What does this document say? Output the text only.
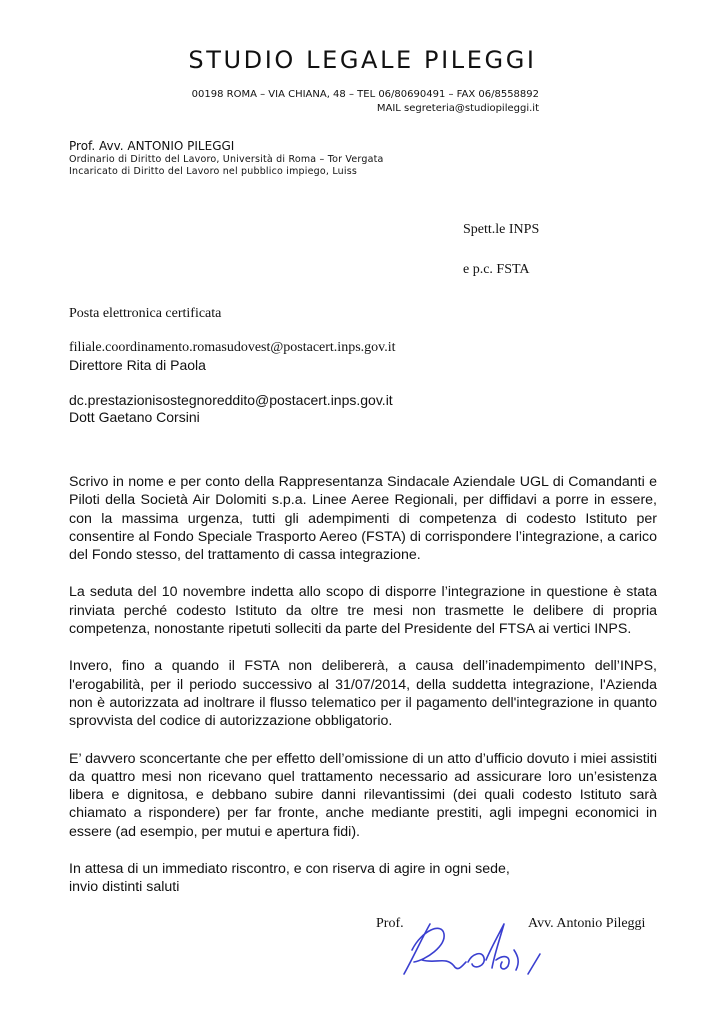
STUDIO LEGALE PILEGGI
00198 ROMA – VIA CHIANA, 48 – TEL 06/80690491 – FAX 06/8558892
MAIL segreteria@studiopileggi.it
Prof. Avv. ANTONIO PILEGGI
Ordinario di Diritto del Lavoro, Università di Roma – Tor Vergata
Incaricato di Diritto del Lavoro nel pubblico impiego, Luiss
Spett.le INPS
e p.c. FSTA
Posta elettronica certificata
filiale.coordinamento.romasudovest@postacert.inps.gov.it
Direttore Rita di Paola
dc.prestazionisostegnoreddito@postacert.inps.gov.it
Dott Gaetano Corsini

Scrivo in nome e per conto della Rappresentanza Sindacale Aziendale UGL di Comandanti e Piloti della Società Air Dolomiti s.p.a. Linee Aeree Regionali, per diffidavi a porre in essere, con la massima urgenza, tutti gli adempimenti di competenza di codesto Istituto per consentire al Fondo Speciale Trasporto Aereo (FSTA) di corrispondere l’integrazione, a carico del Fondo stesso, del trattamento di cassa integrazione.

La seduta del 10 novembre indetta allo scopo di disporre l’integrazione in questione è stata rinviata perché codesto Istituto da oltre tre mesi non trasmette le delibere di propria competenza, nonostante ripetuti solleciti da parte del Presidente del FTSA ai vertici INPS.

Invero, fino a quando il FSTA non delibererà, a causa dell’inadempimento dell’INPS, l'erogabilità, per il periodo successivo al 31/07/2014, della suddetta integrazione, l'Azienda non è autorizzata ad inoltrare il flusso telematico per il pagamento dell'integrazione in quanto sprovvista del codice di autorizzazione obbligatorio.

E’ davvero sconcertante che per effetto dell’omissione di un atto d’ufficio dovuto i miei assistiti da quattro mesi non ricevano quel trattamento necessario ad assicurare loro un’esistenza libera e dignitosa, e debbano subire danni rilevantissimi (dei quali codesto Istituto sarà chiamato a rispondere) per far fronte, anche mediante prestiti, agli impegni economici in essere (ad esempio, per mutui e apertura fidi).

In attesa di un immediato riscontro, e con riserva di agire in ogni sede,
invio distinti saluti

Prof.	Avv. Antonio Pileggi
